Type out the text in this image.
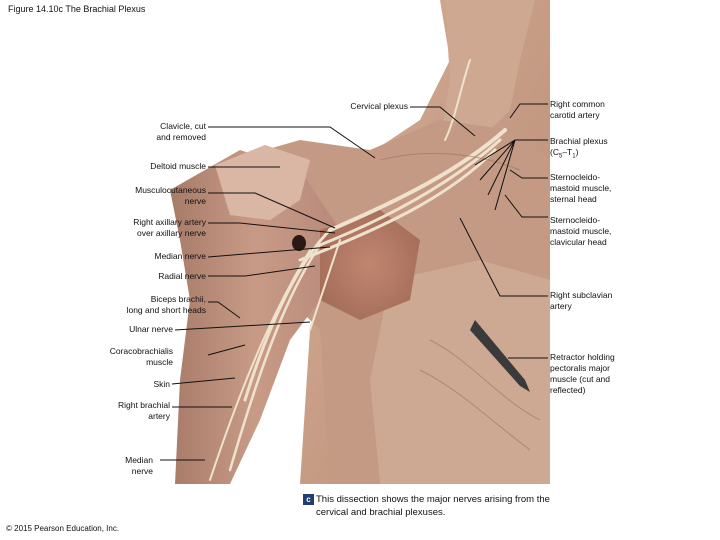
Figure 14.10c The Brachial Plexus
Cervical plexus
Clavicle, cut
and removed
Deltoid muscle
Musculocutaneous
nerve
Right axillary artery
over axillary nerve
Median nerve
Radial nerve
Biceps brachii,
long and short heads
Ulnar nerve
Coracobrachialis
muscle
Skin
Right brachial
artery
Median
nerve
Right common
carotid artery
Brachial plexus
$(C_5-T_1)$
Sternocleido-
mastoid muscle,
sternal head
Sternocleido-
mastoid muscle,
clavicular head
Right subclavian
artery
Retractor holding
pectoralis major
muscle (cut and
reflected)
c This dissection shows the major nerves arising from the cervical and brachial plexuses.
© 2015 Pearson Education, Inc.
